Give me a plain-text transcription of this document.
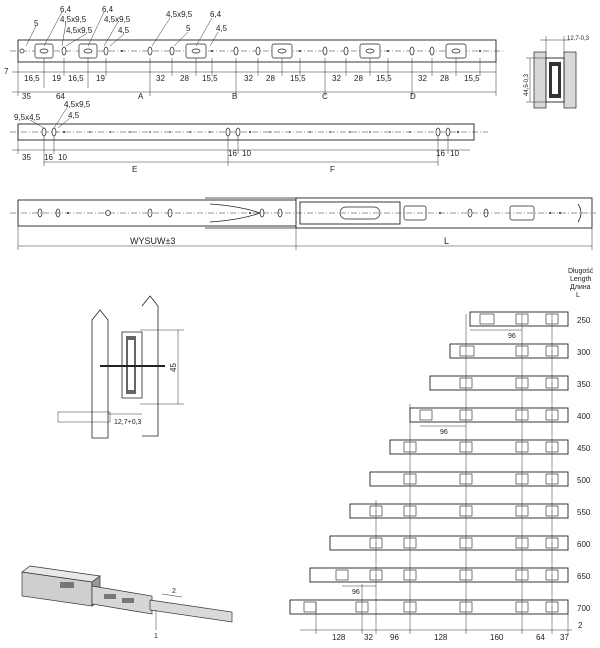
5
6,4
4,5x9,5
4,5x9,5
6,4
4,5x9,5
4,5
4,5x9,5
5
6,4
4,5
7
16,5 19 16,5 19	32 28 15,5	32 28 15,5	32 28 15,5	32 28 15,5
35	64	A	B	C	D
12,7-0,3
44,5-0,3
9,5x4,5
4,5x9,5
4,5
35 16 10	16 10	16 10
E	F
WYSUW±3	L
45
12,7+0,3
2
1
Długość
Length
Длина
L
250
300
350
400
450
500
550
600
650
700
96
96
96
128 32 96	128	160	64 37
2
